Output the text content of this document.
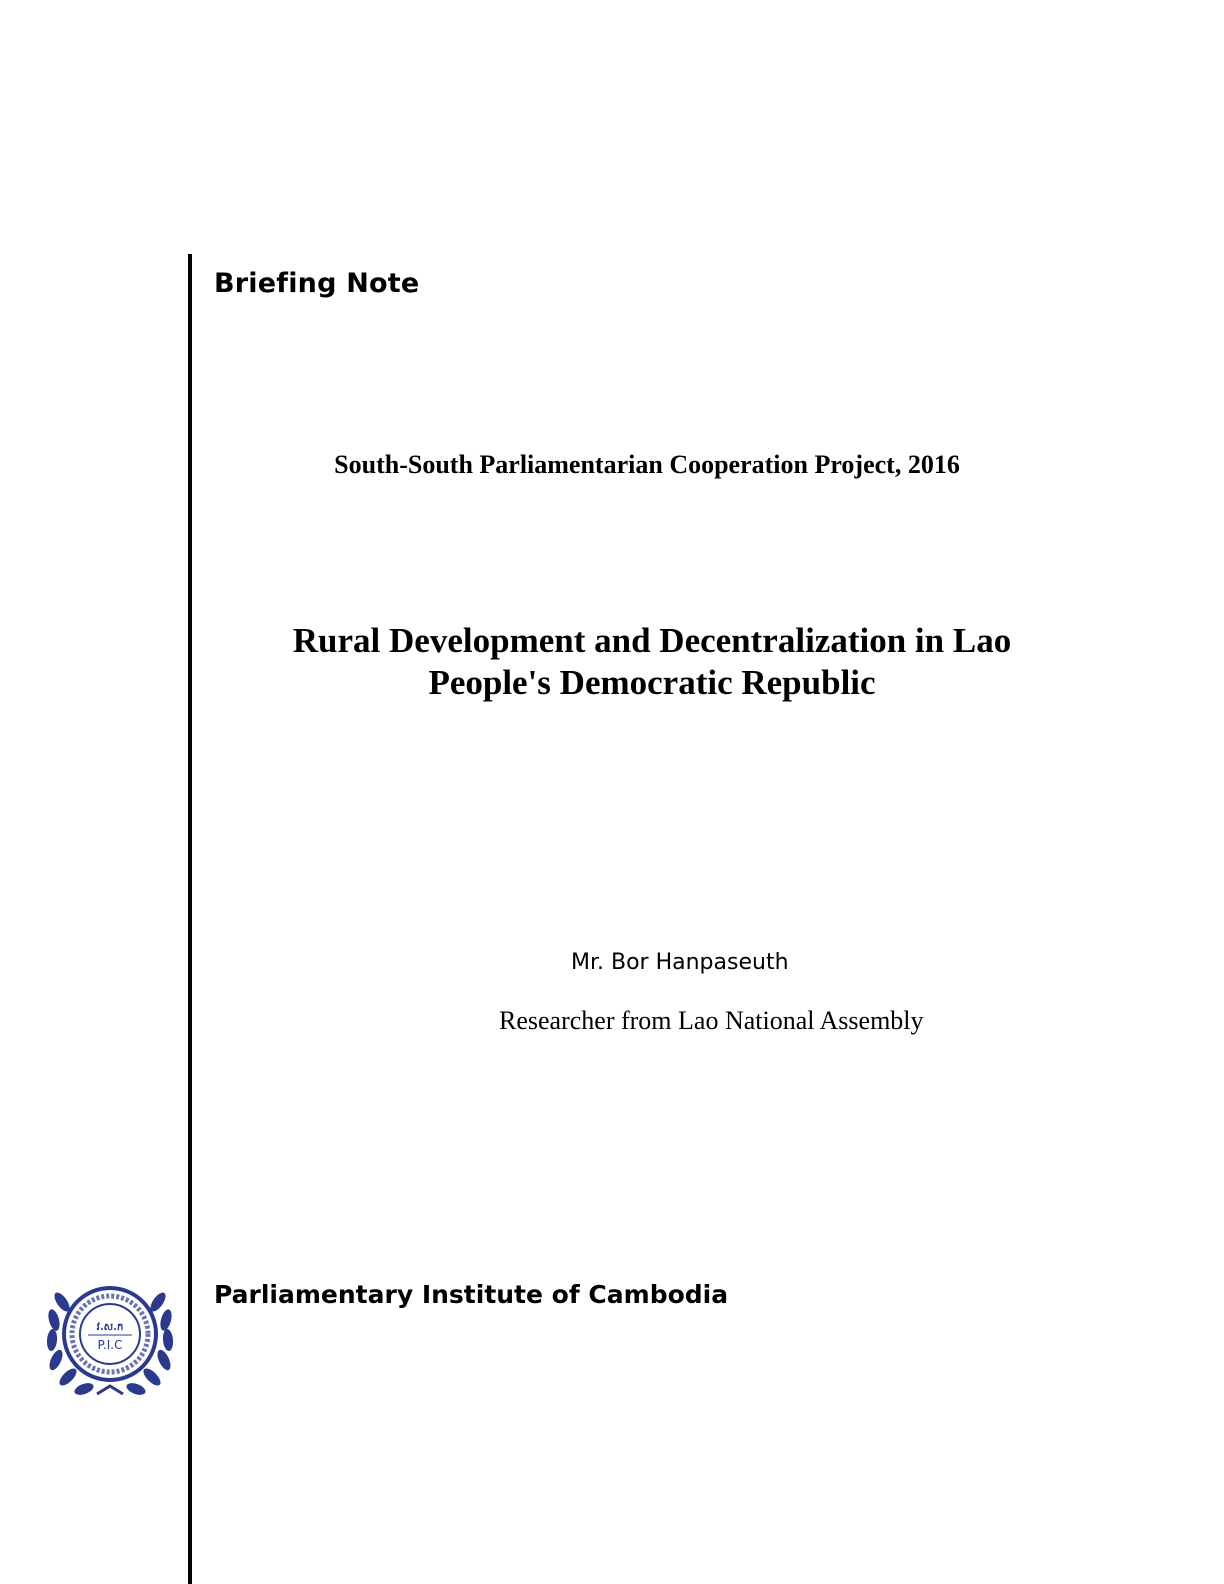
Briefing Note
South-South Parliamentarian Cooperation Project, 2016
Rural Development and Decentralization in Lao
People's Democratic Republic
Mr. Bor Hanpaseuth
Researcher from Lao National Assembly
វ.ស.ក
P.I.C
Parliamentary Institute of Cambodia
